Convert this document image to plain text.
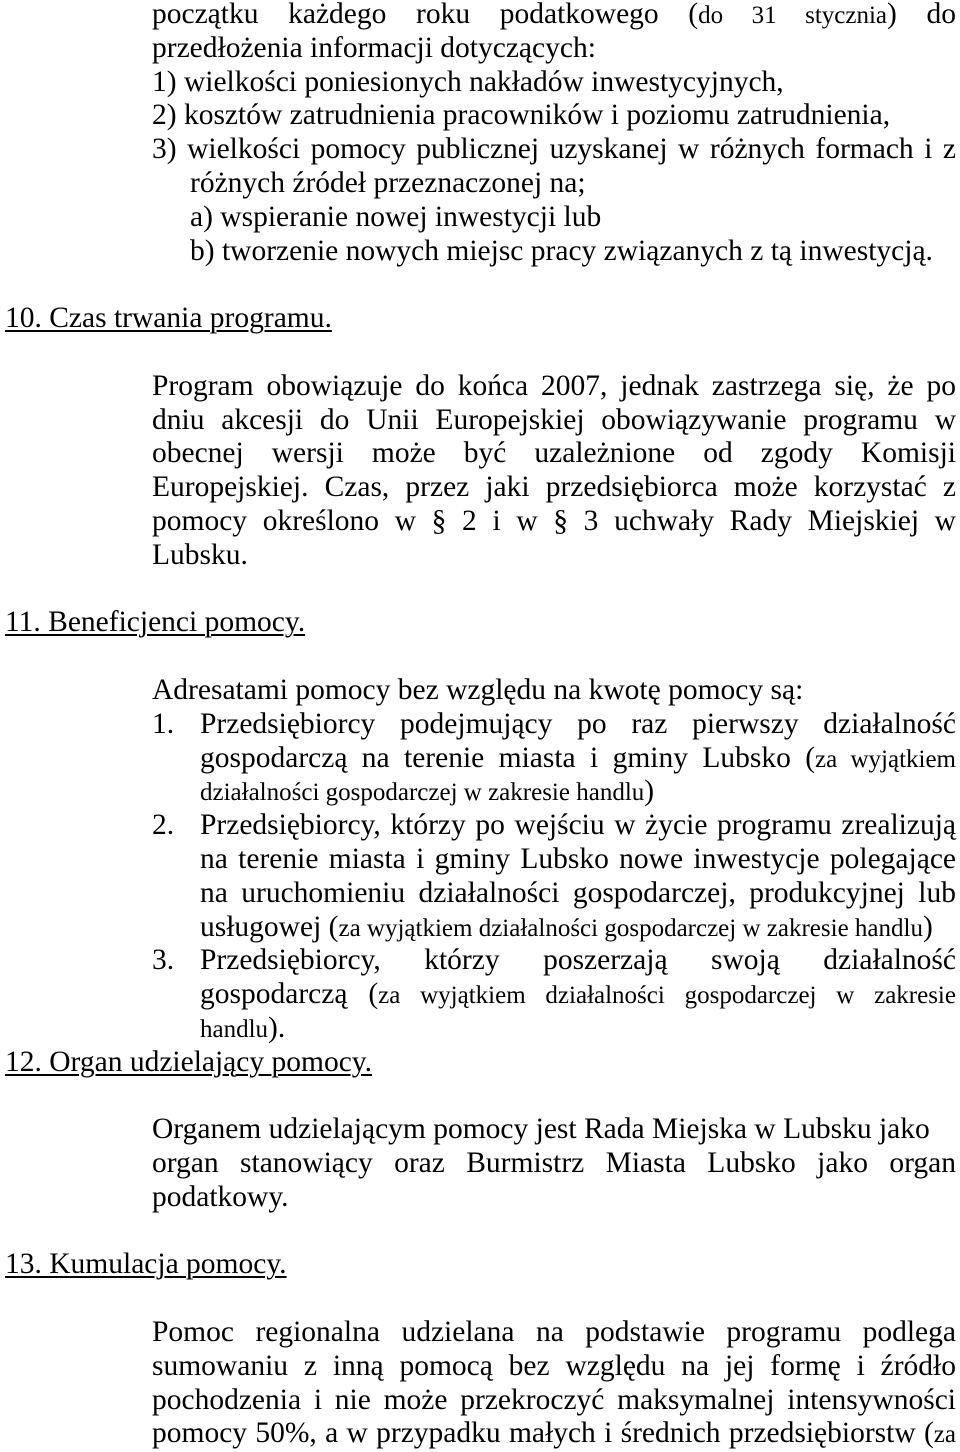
początku każdego roku podatkowego (do 31 stycznia) do
przedłożenia informacji dotyczących:
1) wielkości poniesionych nakładów inwestycyjnych,
2) kosztów zatrudnienia pracowników i poziomu zatrudnienia,
3) wielkości pomocy publicznej uzyskanej w różnych formach i z
różnych źródeł przeznaczonej na;
a) wspieranie nowej inwestycji lub
b) tworzenie nowych miejsc pracy związanych z tą inwestycją.
10. Czas trwania programu.
Program obowiązuje do końca 2007, jednak zastrzega się, że po
dniu akcesji do Unii Europejskiej obowiązywanie programu w
obecnej wersji może być uzależnione od zgody Komisji
Europejskiej. Czas, przez jaki przedsiębiorca może korzystać z
pomocy określono w § 2 i w § 3 uchwały Rady Miejskiej w
Lubsku.
11. Beneficjenci pomocy.
Adresatami pomocy bez względu na kwotę pomocy są:
1. Przedsiębiorcy podejmujący po raz pierwszy działalność
gospodarczą na terenie miasta i gminy Lubsko (za wyjątkiem
działalności gospodarczej w zakresie handlu)
2. Przedsiębiorcy, którzy po wejściu w życie programu zrealizują
na terenie miasta i gminy Lubsko nowe inwestycje polegające
na uruchomieniu działalności gospodarczej, produkcyjnej lub
usługowej (za wyjątkiem działalności gospodarczej w zakresie handlu)
3. Przedsiębiorcy, którzy poszerzają swoją działalność
gospodarczą (za wyjątkiem działalności gospodarczej w zakresie
handlu).
12. Organ udzielający pomocy.
Organem udzielającym pomocy jest Rada Miejska w Lubsku jako
organ stanowiący oraz Burmistrz Miasta Lubsko jako organ
podatkowy.
13. Kumulacja pomocy.
Pomoc regionalna udzielana na podstawie programu podlega
sumowaniu z inną pomocą bez względu na jej formę i źródło
pochodzenia i nie może przekroczyć maksymalnej intensywności
pomocy 50%, a w przypadku małych i średnich przedsiębiorstw (za
